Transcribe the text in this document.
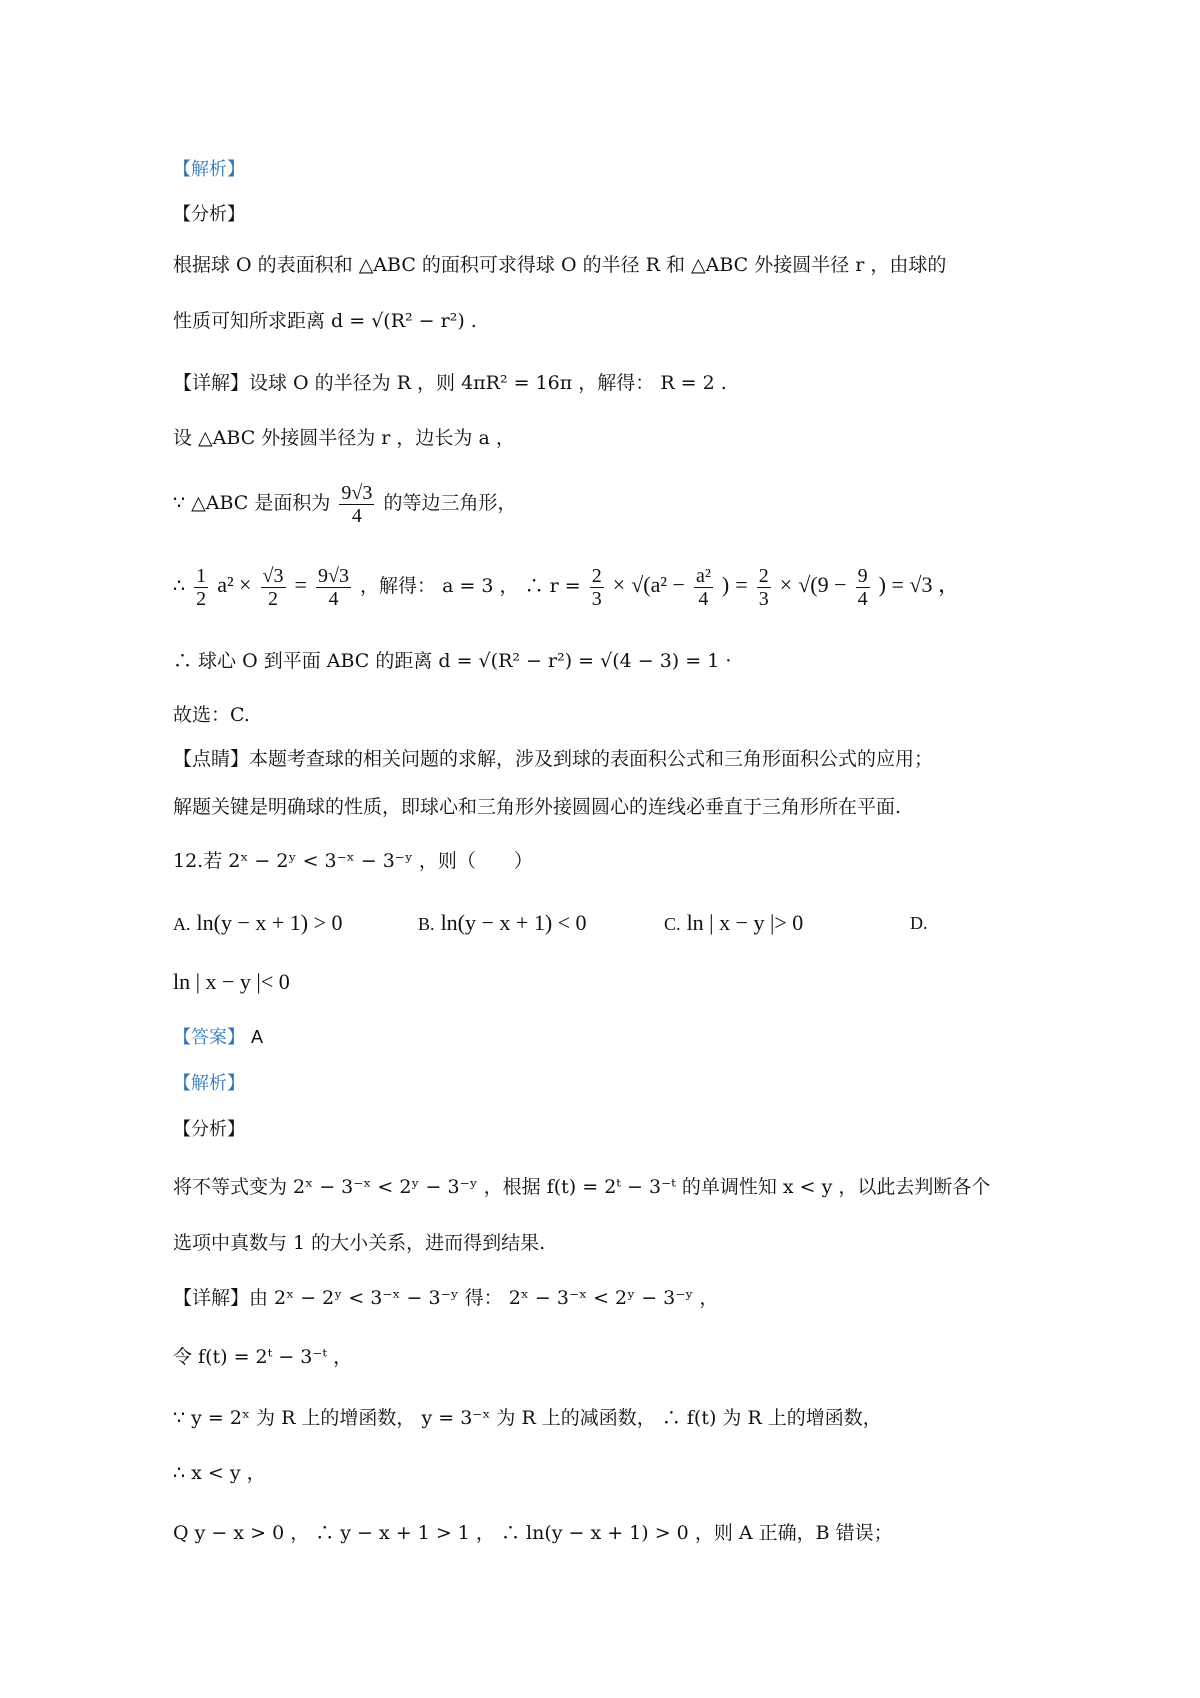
【解析】
【分析】
根据球 O 的表面积和 △ABC 的面积可求得球 O 的半径 R 和 △ABC 外接圆半径 r ，由球的
性质可知所求距离 d = √(R² − r²) .
【详解】设球 O 的半径为 R ，则 4πR² = 16π ，解得： R = 2 .
设 △ABC 外接圆半径为 r ，边长为 a ，
∵ △ABC 是面积为 $\frac{9√3}{4}$ 的等边三角形，
∴ $\frac{1}{2} a^2 \times \frac{√3}{2} = \frac{9√3}{4}$ ，解得： a = 3 ， ∴ $r = \frac{2}{3} \times √(a^2 - \frac{\text{a²}}{4}$ ) = $\frac{2}{3} \times √(9 - \frac{9}{4}$ ) = √3 ，
∴ 球心 O 到平面 ABC 的距离 d = √(R² − r²) = √(4 − 3) = 1 ·
故选：C.
【点睛】本题考查球的相关问题的求解，涉及到球的表面积公式和三角形面积公式的应用；
解题关键是明确球的性质，即球心和三角形外接圆圆心的连线必垂直于三角形所在平面.
12.若 2ˣ − 2ʸ < 3⁻ˣ − 3⁻ʸ ，则（　　）
A. ln(y − x + 1) > 0	B. ln(y − x + 1) < 0	C. ln | x − y |> 0	D.
ln | x − y |< 0
【答案】 A
【解析】
【分析】
将不等式变为 2ˣ − 3⁻ˣ < 2ʸ − 3⁻ʸ ，根据 f(t) = 2ᵗ − 3⁻ᵗ 的单调性知 x < y ，以此去判断各个
选项中真数与 1 的大小关系，进而得到结果.
【详解】由 2ˣ − 2ʸ < 3⁻ˣ − 3⁻ʸ 得： 2ˣ − 3⁻ˣ < 2ʸ − 3⁻ʸ ，
令 f(t) = 2ᵗ − 3⁻ᵗ ，
∵ y = 2ˣ 为 R 上的增函数， y = 3⁻ˣ 为 R 上的减函数， ∴ f(t) 为 R 上的增函数，
∴ x < y ，
Q y − x > 0 ， ∴ y − x + 1 > 1 ， ∴ ln(y − x + 1) > 0 ，则 A 正确，B 错误；
